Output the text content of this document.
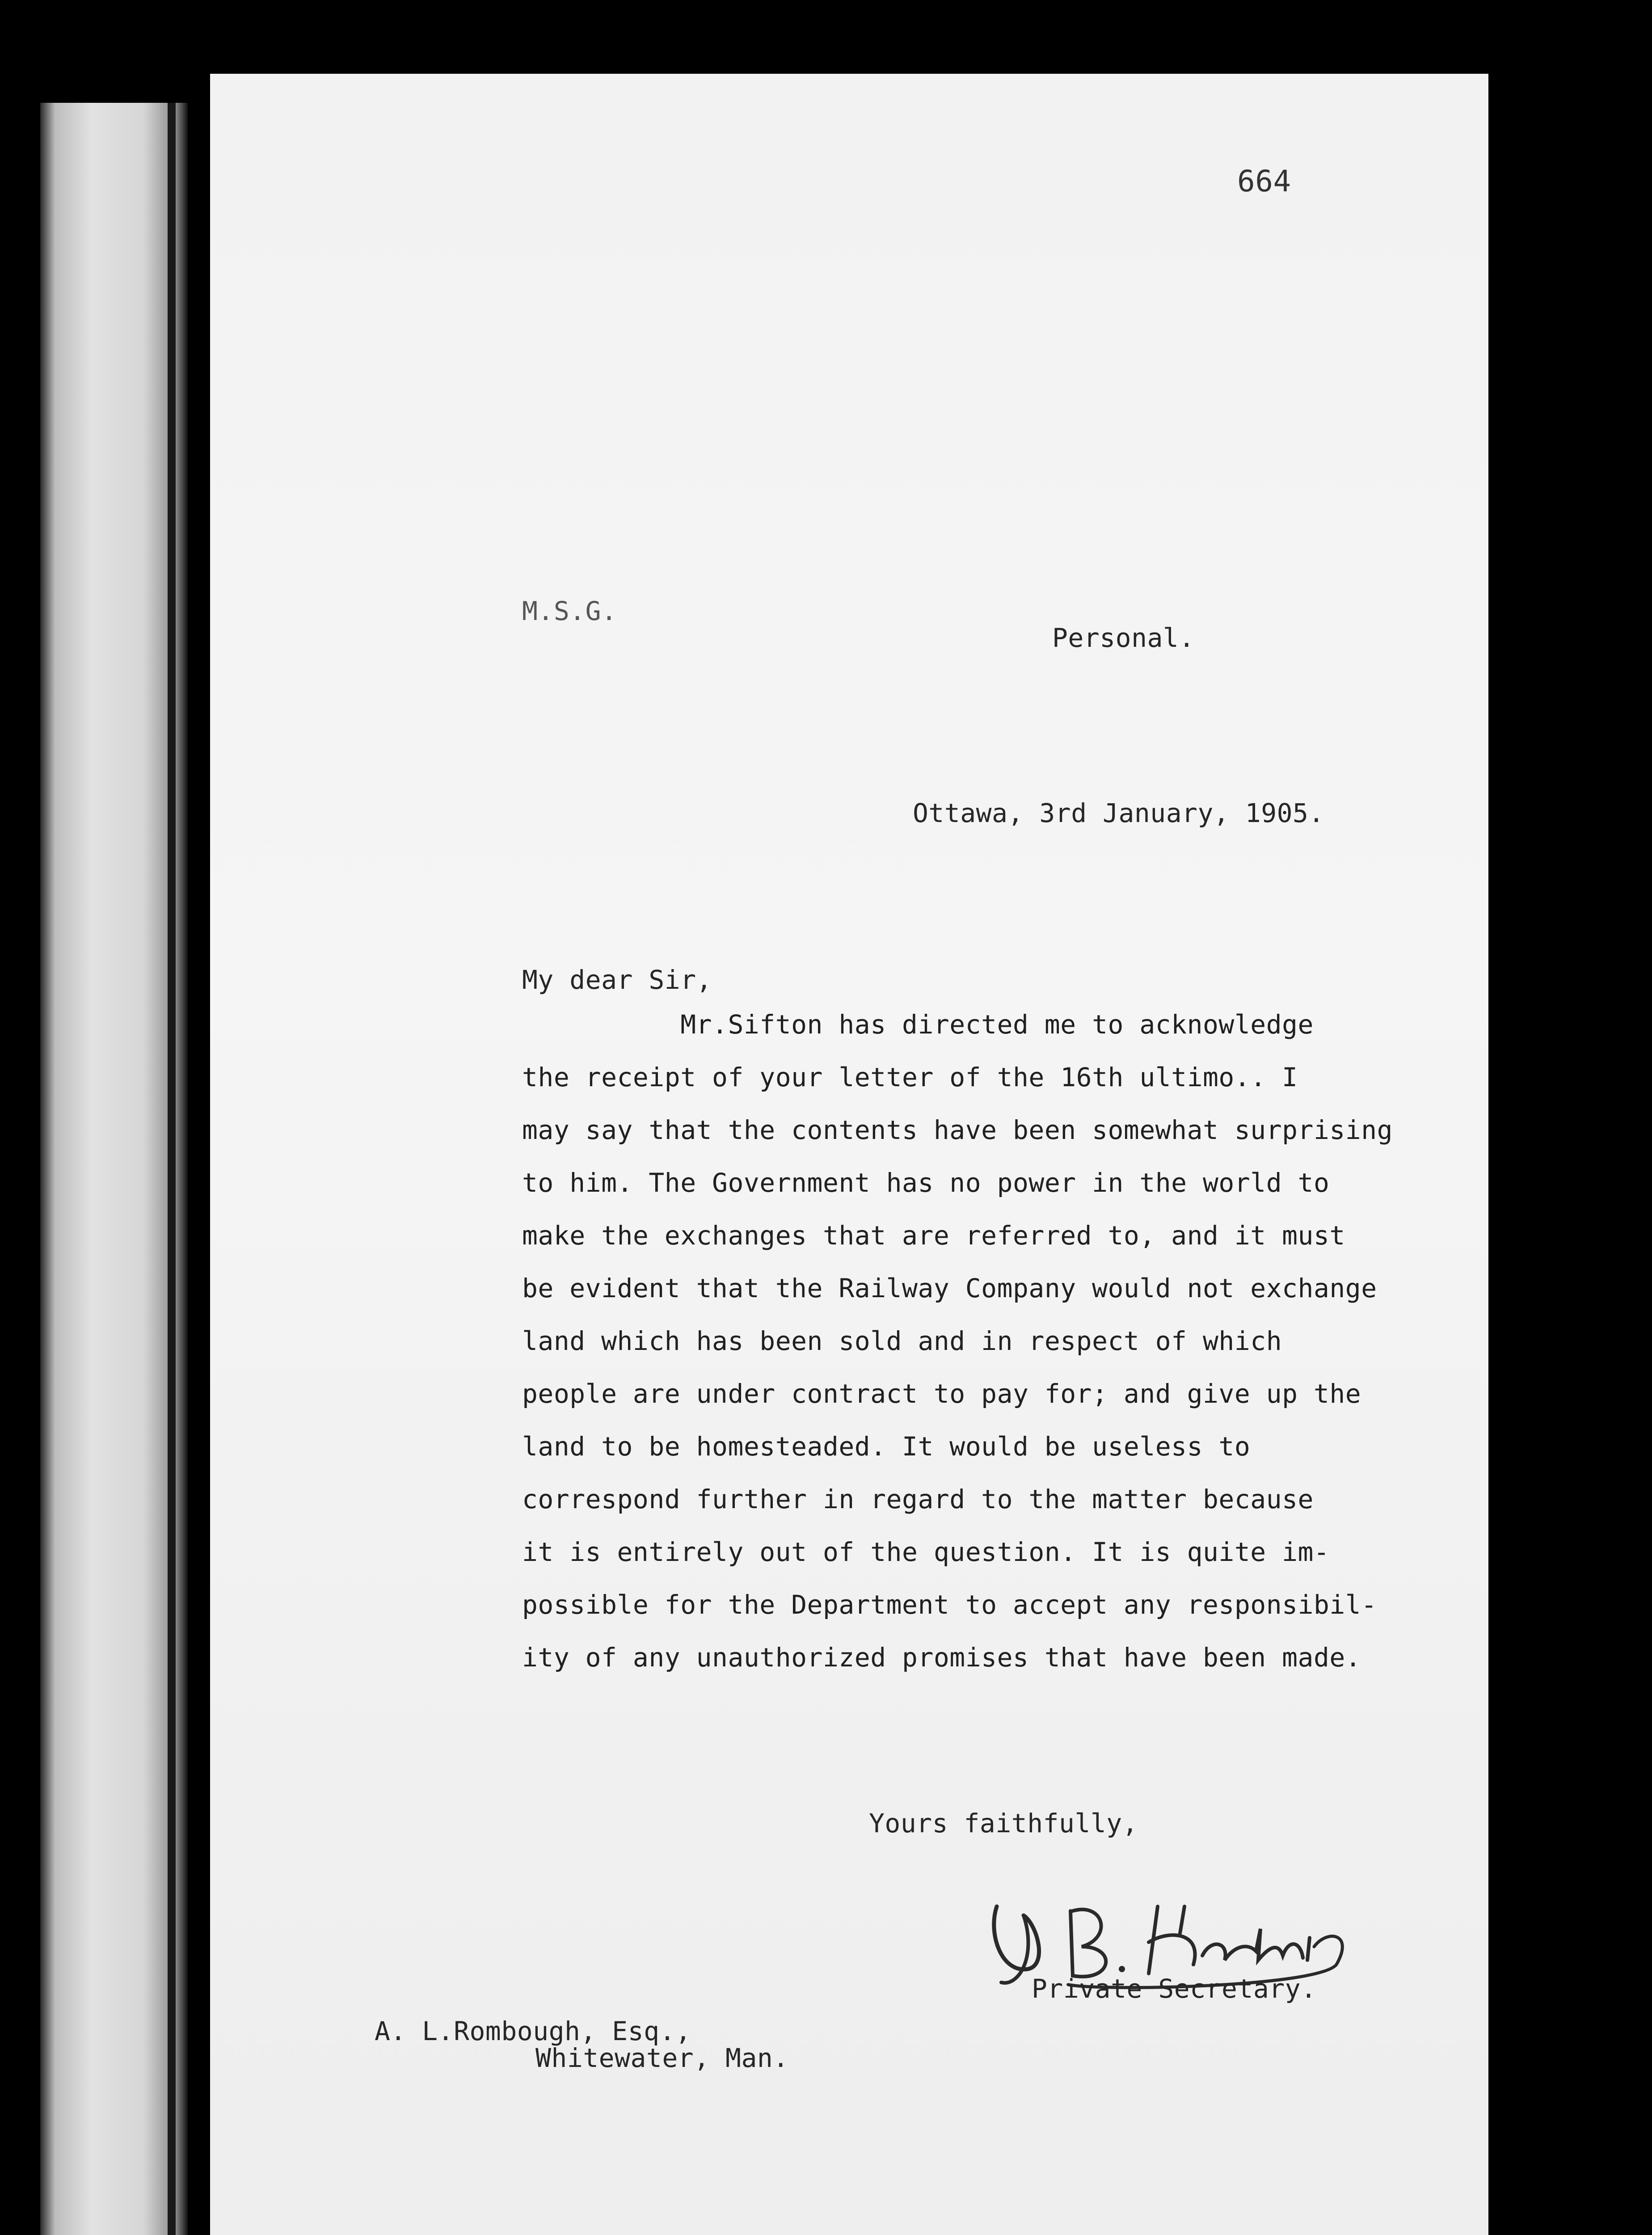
664
M.S.G.
Personal.
Ottawa, 3rd January, 1905.
My dear Sir,
Mr.Sifton has directed me to acknowledge
the receipt of your letter of the 16th ultimo.. I
may say that the contents have been somewhat surprising
to him. The Government has no power in the world to
make the exchanges that are referred to, and it must
be evident that the Railway Company would not exchange
land which has been sold and in respect of which
people are under contract to pay for; and give up the
land to be homesteaded. It would be useless to
correspond further in regard to the matter because
it is entirely out of the question. It is quite im-
possible for the Department to accept any responsibil-
ity of any unauthorized promises that have been made.
Yours faithfully,
Private Secretary.
A. L.Rombough, Esq.,
Whitewater, Man.
